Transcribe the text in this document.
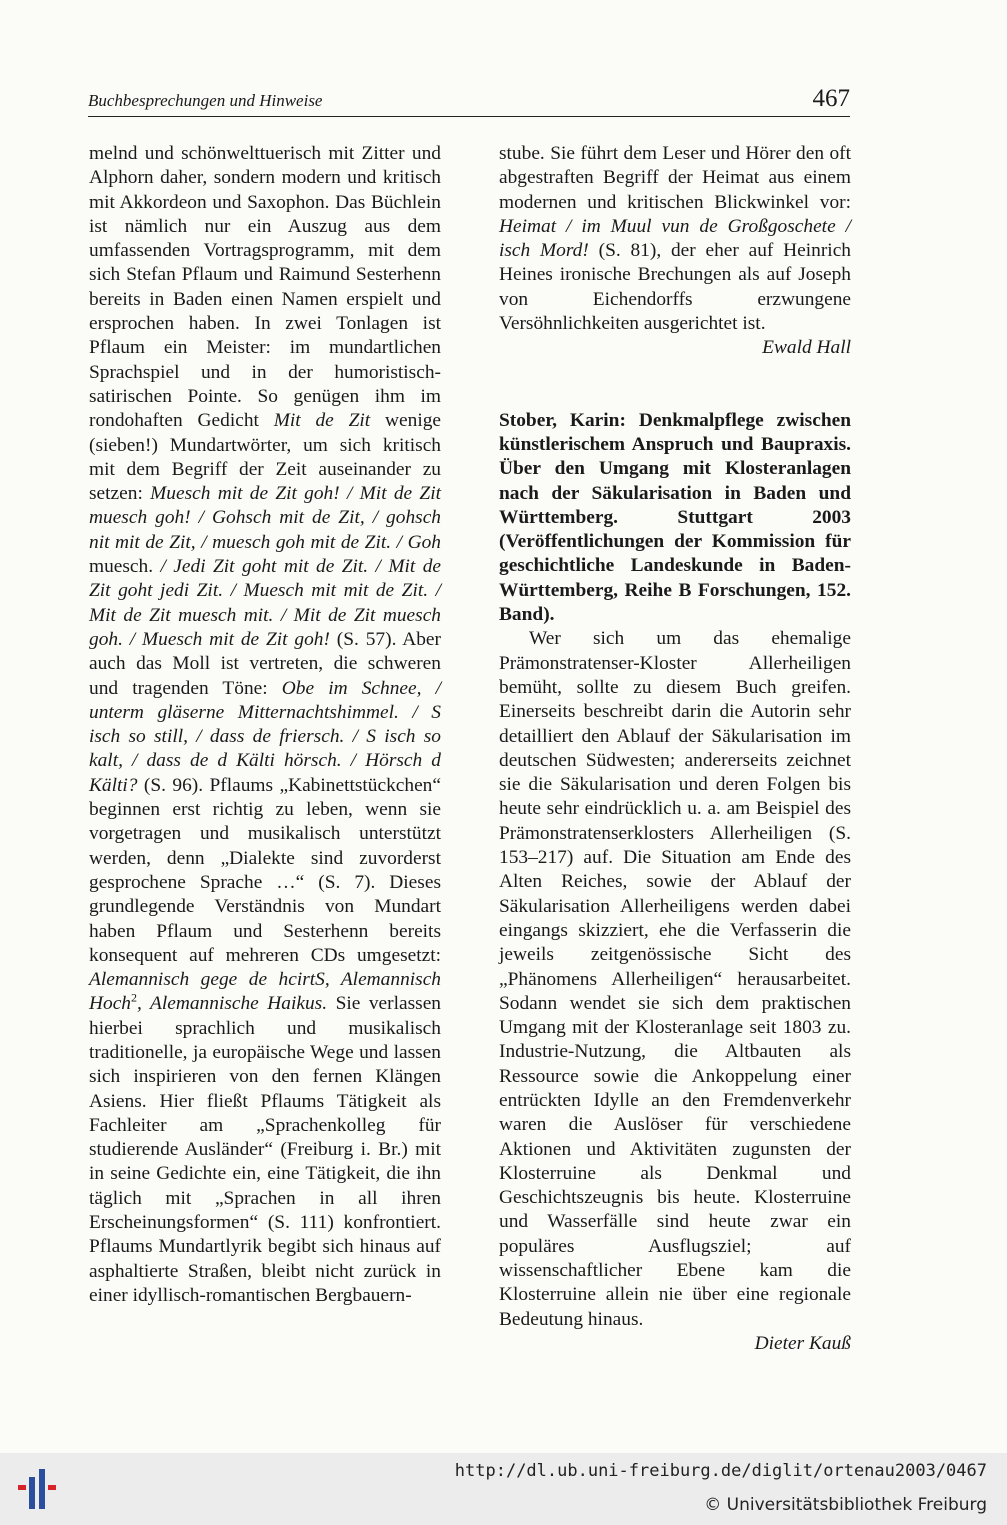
Buchbesprechungen und Hinweise	467

melnd und schönwelttuerisch mit Zitter und Alphorn daher, sondern modern und kritisch mit Akkordeon und Saxophon. Das Büchlein ist nämlich nur ein Auszug aus dem umfassenden Vortragsprogramm, mit dem sich Stefan Pflaum und Raimund Sesterhenn bereits in Baden einen Namen erspielt und ersprochen haben. In zwei Tonlagen ist Pflaum ein Meister: im mundartlichen Sprachspiel und in der humoristisch-satirischen Pointe. So genügen ihm im rondohaften Gedicht Mit de Zit wenige (sieben!) Mundartwörter, um sich kritisch mit dem Begriff der Zeit auseinander zu setzen: Muesch mit de Zit goh! / Mit de Zit muesch goh! / Gohsch mit de Zit, / gohsch nit mit de Zit, / muesch goh mit de Zit. / Goh muesch. / Jedi Zit goht mit de Zit. / Mit de Zit goht jedi Zit. / Muesch mit mit de Zit. / Mit de Zit muesch mit. / Mit de Zit muesch goh. / Muesch mit de Zit goh! (S. 57). Aber auch das Moll ist vertreten, die schweren und tragenden Töne: Obe im Schnee, / unterm gläserne Mitternachtshimmel. / S isch so still, / dass de friersch. / S isch so kalt, / dass de d Kälti hörsch. / Hörsch d Kälti? (S. 96). Pflaums „Kabinettstückchen“ beginnen erst richtig zu leben, wenn sie vorgetragen und musikalisch unterstützt werden, denn „Dialekte sind zuvorderst gesprochene Sprache …“ (S. 7). Dieses grundlegende Verständnis von Mundart haben Pflaum und Sesterhenn bereits konsequent auf mehreren CDs umgesetzt: Alemannisch gege de hcirtS, Alemannisch Hoch$^2$, Alemannische Haikus. Sie verlassen hierbei sprachlich und musikalisch traditionelle, ja europäische Wege und lassen sich inspirieren von den fernen Klängen Asiens. Hier fließt Pflaums Tätigkeit als Fachleiter am „Sprachenkolleg für studierende Ausländer“ (Freiburg i. Br.) mit in seine Gedichte ein, eine Tätigkeit, die ihn täglich mit „Sprachen in all ihren Erscheinungsformen“ (S. 111) konfrontiert. Pflaums Mundartlyrik begibt sich hinaus auf asphaltierte Straßen, bleibt nicht zurück in einer idyllisch-romantischen Bergbauern-

stube. Sie führt dem Leser und Hörer den oft abgestraften Begriff der Heimat aus einem modernen und kritischen Blickwinkel vor: Heimat / im Muul vun de Großgoschete / isch Mord! (S. 81), der eher auf Heinrich Heines ironische Brechungen als auf Joseph von Eichendorffs erzwungene Versöhnlichkeiten ausgerichtet ist.

Ewald Hall

Stober, Karin: Denkmalpflege zwischen künstlerischem Anspruch und Baupraxis. Über den Umgang mit Klosteranlagen nach der Säkularisation in Baden und Württemberg. Stuttgart 2003 (Veröffentlichungen der Kommission für geschichtliche Landeskunde in Baden-Württemberg, Reihe B Forschungen, 152. Band).

Wer sich um das ehemalige Prämonstratenser-Kloster Allerheiligen bemüht, sollte zu diesem Buch greifen. Einerseits beschreibt darin die Autorin sehr detailliert den Ablauf der Säkularisation im deutschen Südwesten; andererseits zeichnet sie die Säkularisation und deren Folgen bis heute sehr eindrücklich u. a. am Beispiel des Prämonstratenserklosters Allerheiligen (S. 153–217) auf. Die Situation am Ende des Alten Reiches, sowie der Ablauf der Säkularisation Allerheiligens werden dabei eingangs skizziert, ehe die Verfasserin die jeweils zeitgenössische Sicht des „Phänomens Allerheiligen“ herausarbeitet. Sodann wendet sie sich dem praktischen Umgang mit der Klosteranlage seit 1803 zu. Industrie-Nutzung, die Altbauten als Ressource sowie die Ankoppelung einer entrückten Idylle an den Fremdenverkehr waren die Auslöser für verschiedene Aktionen und Aktivitäten zugunsten der Klosterruine als Denkmal und Geschichtszeugnis bis heute. Klosterruine und Wasserfälle sind heute zwar ein populäres Ausflugsziel; auf wissenschaftlicher Ebene kam die Klosterruine allein nie über eine regionale Bedeutung hinaus.

Dieter Kauß

http://dl.ub.uni-freiburg.de/diglit/ortenau2003/0467
© Universitätsbibliothek Freiburg
